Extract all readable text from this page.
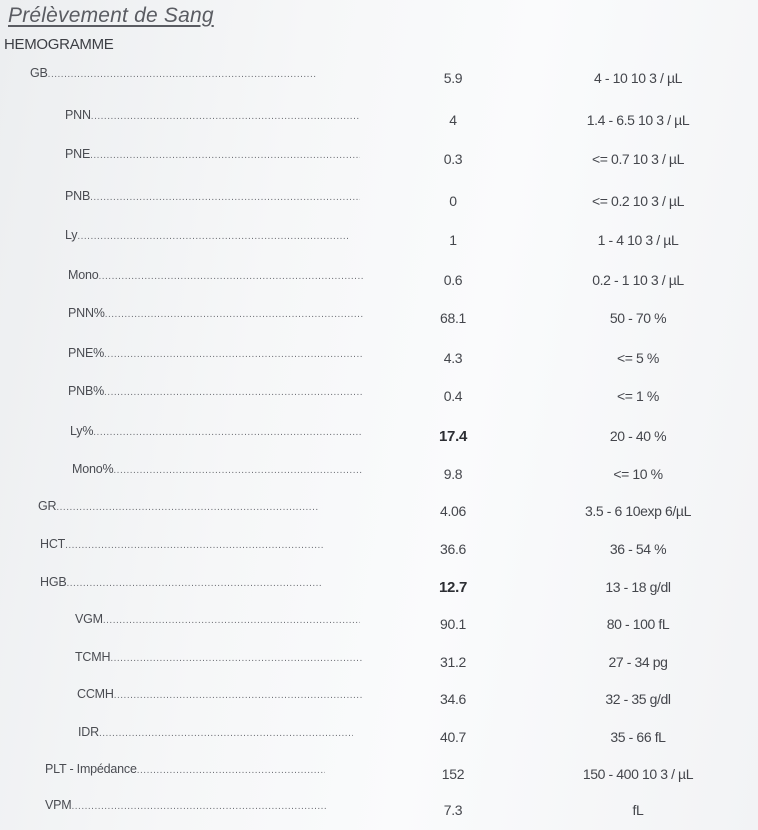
Prélèvement de Sang
HEMOGRAMME
GB .....	5.9	4 - 10 10 3 / µL
PNN .....	4	1.4 - 6.5 10 3 / µL
PNE .....	0.3	<= 0.7 10 3 / µL
PNB .....	0	<= 0.2 10 3 / µL
Ly .....	1	1 - 4 10 3 / µL
Mono .....	0.6	0.2 - 1 10 3 / µL
PNN% .....	68.1	50 - 70 %
PNE% .....	4.3	<= 5 %
PNB% .....	0.4	<= 1 %
Ly% .....	17.4	20 - 40 %
Mono% .....	9.8	<= 10 %
GR .....	4.06	3.5 - 6 10exp 6/µL
HCT .....	36.6	36 - 54 %
HGB .....	12.7	13 - 18 g/dl
VGM .....	90.1	80 - 100 fL
TCMH .....	31.2	27 - 34 pg
CCMH .....	34.6	32 - 35 g/dl
IDR .....	40.7	35 - 66 fL
PLT - Impédance .....	152	150 - 400 10 3 / µL
VPM .....	7.3	fL
